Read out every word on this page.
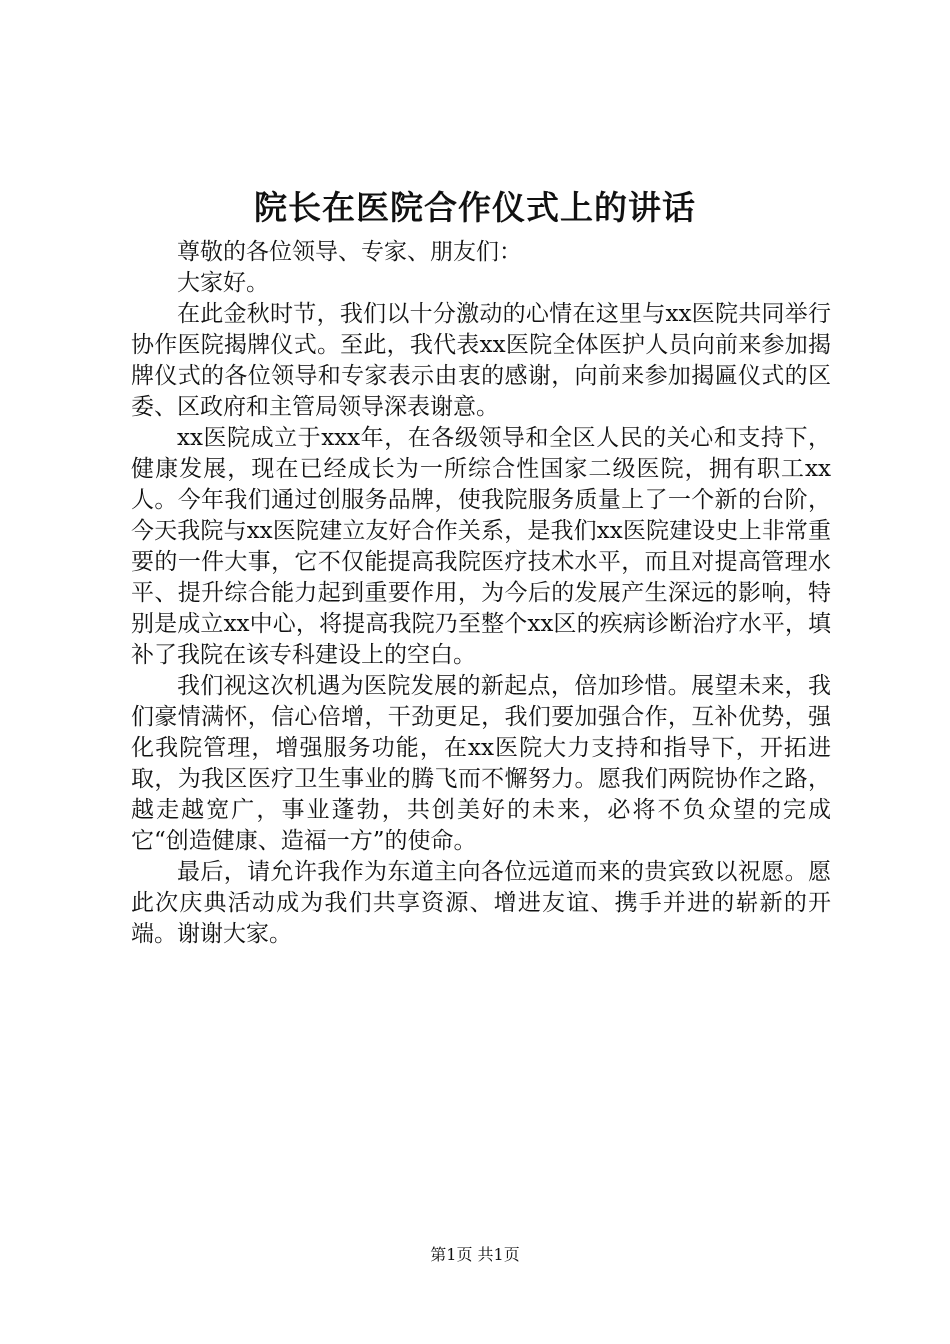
院长在医院合作仪式上的讲话

尊敬的各位领导、专家、朋友们：

大家好。

在此金秋时节，我们以十分激动的心情在这里与xx医院共同举行协作医院揭牌仪式。至此，我代表xx医院全体医护人员向前来参加揭牌仪式的各位领导和专家表示由衷的感谢，向前来参加揭匾仪式的区委、区政府和主管局领导深表谢意。

xx医院成立于xxx年，在各级领导和全区人民的关心和支持下，健康发展，现在已经成长为一所综合性国家二级医院，拥有职工xx人。今年我们通过创服务品牌，使我院服务质量上了一个新的台阶，今天我院与xx医院建立友好合作关系，是我们xx医院建设史上非常重要的一件大事，它不仅能提高我院医疗技术水平，而且对提高管理水平、提升综合能力起到重要作用，为今后的发展产生深远的影响，特别是成立xx中心，将提高我院乃至整个xx区的疾病诊断治疗水平，填补了我院在该专科建设上的空白。

我们视这次机遇为医院发展的新起点，倍加珍惜。展望未来，我们豪情满怀，信心倍增，干劲更足，我们要加强合作，互补优势，强化我院管理，增强服务功能，在xx医院大力支持和指导下，开拓进取，为我区医疗卫生事业的腾飞而不懈努力。愿我们两院协作之路，越走越宽广，事业蓬勃，共创美好的未来，必将不负众望的完成它“创造健康、造福一方”的使命。

最后，请允许我作为东道主向各位远道而来的贵宾致以祝愿。愿此次庆典活动成为我们共享资源、增进友谊、携手并进的崭新的开端。谢谢大家。

第1页 共1页
